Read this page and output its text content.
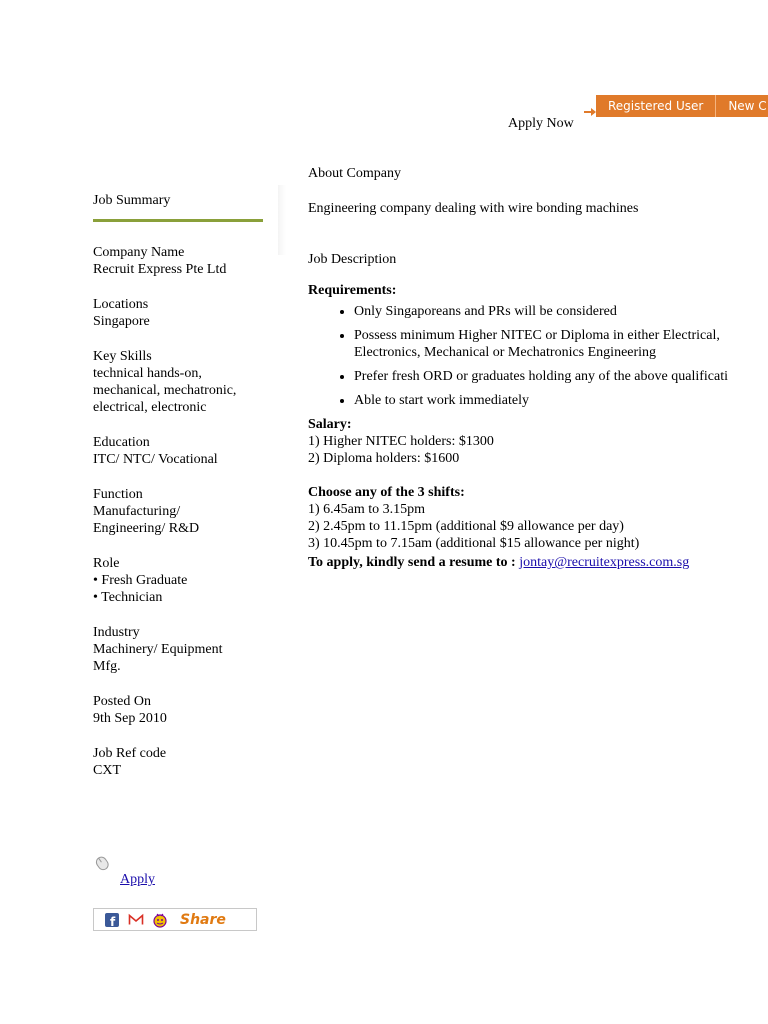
Apply Now
Registered User	New C
Job Summary
Company Name
Recruit Express Pte Ltd
Locations
Singapore
Key Skills
technical hands-on,
mechanical, mechatronic,
electrical, electronic
Education
ITC/ NTC/ Vocational
Function
Manufacturing/
Engineering/ R&D
Role
• Fresh Graduate
• Technician
Industry
Machinery/ Equipment
Mfg.
Posted On
9th Sep 2010
Job Ref code
CXT
Apply
f	Share
About Company
Engineering company dealing with wire bonding machines
Job Description
Requirements:
• Only Singaporeans and PRs will be considered
• Possess minimum Higher NITEC or Diploma in either Electrical,
Electronics, Mechanical or Mechatronics Engineering
• Prefer fresh ORD or graduates holding any of the above qualificati
• Able to start work immediately
Salary:
1) Higher NITEC holders: $1300
2) Diploma holders: $1600
Choose any of the 3 shifts:
1) 6.45am to 3.15pm
2) 2.45pm to 11.15pm (additional $9 allowance per day)
3) 10.45pm to 7.15am (additional $15 allowance per night)
To apply, kindly send a resume to : jontay@recruitexpress.com.sg
